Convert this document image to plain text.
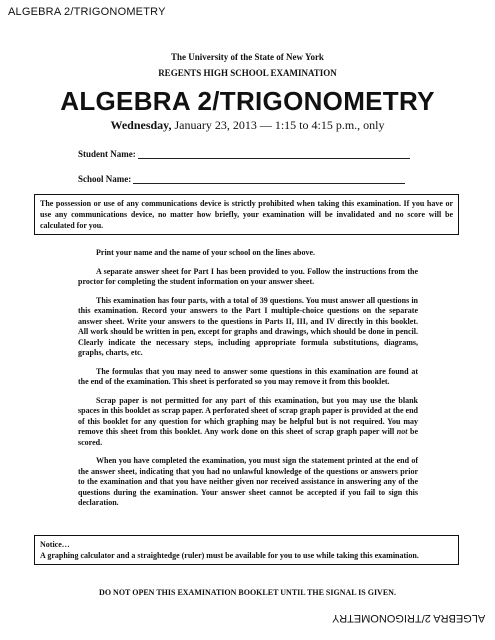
ALGEBRA 2/TRIGONOMETRY
The University of the State of New York
REGENTS HIGH SCHOOL EXAMINATION
ALGEBRA 2/TRIGONOMETRY
Wednesday, January 23, 2013 — 1:15 to 4:15 p.m., only
Student Name:
School Name:
The possession or use of any communications device is strictly prohibited when taking this examination. If you have or use any communications device, no matter how briefly, your examination will be invalidated and no score will be calculated for you.

Print your name and the name of your school on the lines above.

A separate answer sheet for Part I has been provided to you. Follow the instructions from the proctor for completing the student information on your answer sheet.

This examination has four parts, with a total of 39 questions. You must answer all questions in this examination. Record your answers to the Part I multiple-choice questions on the separate answer sheet. Write your answers to the questions in Parts II, III, and IV directly in this booklet. All work should be written in pen, except for graphs and drawings, which should be done in pencil. Clearly indicate the necessary steps, including appropriate formula substitutions, diagrams, graphs, charts, etc.

The formulas that you may need to answer some questions in this examination are found at the end of the examination. This sheet is perforated so you may remove it from this booklet.

Scrap paper is not permitted for any part of this examination, but you may use the blank spaces in this booklet as scrap paper. A perforated sheet of scrap graph paper is provided at the end of this booklet for any question for which graphing may be helpful but is not required. You may remove this sheet from this booklet. Any work done on this sheet of scrap graph paper will not be scored.

When you have completed the examination, you must sign the statement printed at the end of the answer sheet, indicating that you had no unlawful knowledge of the questions or answers prior to the examination and that you have neither given nor received assistance in answering any of the questions during the examination. Your answer sheet cannot be accepted if you fail to sign this declaration.

Notice…

A graphing calculator and a straightedge (ruler) must be available for you to use while taking this examination.

DO NOT OPEN THIS EXAMINATION BOOKLET UNTIL THE SIGNAL IS GIVEN.
ALGEBRA 2/TRIGONOMETRY
